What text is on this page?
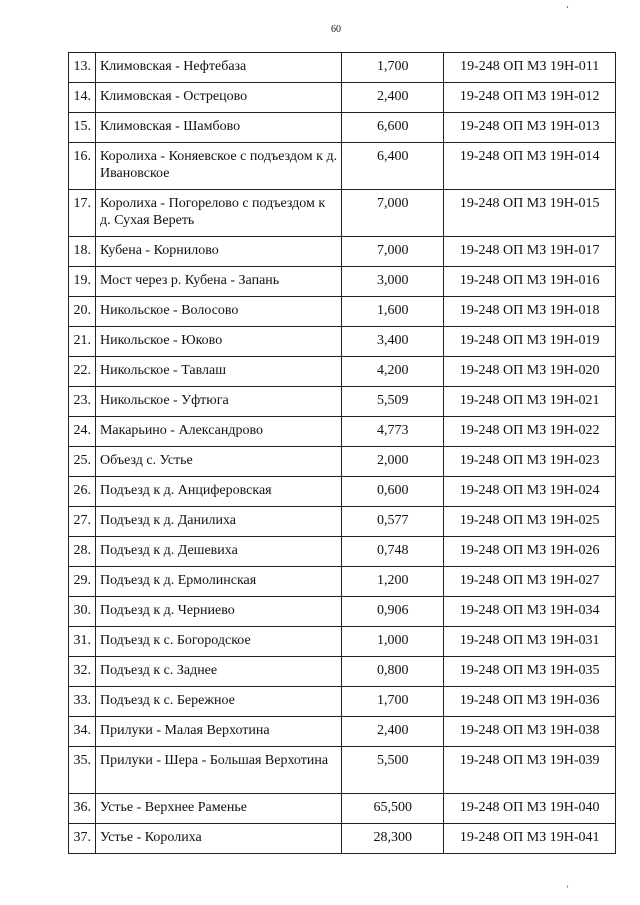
‘
60
13.	Климовская - Нефтебаза	1,700	19-248 ОП МЗ 19Н-011
14.	Климовская - Острецово	2,400	19-248 ОП МЗ 19Н-012
15.	Климовская - Шамбово	6,600	19-248 ОП МЗ 19Н-013
16.	Королиха - Коняевское с подъездом к д. Ивановское	6,400	19-248 ОП МЗ 19Н-014
17.	Королиха - Погорелово с подъездом к д. Сухая Вереть	7,000	19-248 ОП МЗ 19Н-015
18.	Кубена - Корнилово	7,000	19-248 ОП МЗ 19Н-017
19.	Мост через р. Кубена - Запань	3,000	19-248 ОП МЗ 19Н-016
20.	Никольское - Волосово	1,600	19-248 ОП МЗ 19Н-018
21.	Никольское - Юково	3,400	19-248 ОП МЗ 19Н-019
22.	Никольское - Тавлаш	4,200	19-248 ОП МЗ 19Н-020
23.	Никольское - Уфтюга	5,509	19-248 ОП МЗ 19Н-021
24.	Макарьино - Александрово	4,773	19-248 ОП МЗ 19Н-022
25.	Объезд с. Устье	2,000	19-248 ОП МЗ 19Н-023
26.	Подъезд к д. Анциферовская	0,600	19-248 ОП МЗ 19Н-024
27.	Подъезд к д. Данилиха	0,577	19-248 ОП МЗ 19Н-025
28.	Подъезд к д. Дешевиха	0,748	19-248 ОП МЗ 19Н-026
29.	Подъезд к д. Ермолинская	1,200	19-248 ОП МЗ 19Н-027
30.	Подъезд к д. Черниево	0,906	19-248 ОП МЗ 19Н-034
31.	Подъезд к с. Богородское	1,000	19-248 ОП МЗ 19Н-031
32.	Подъезд к с. Заднее	0,800	19-248 ОП МЗ 19Н-035
33.	Подъезд к с. Бережное	1,700	19-248 ОП МЗ 19Н-036
34.	Прилуки - Малая Верхотина	2,400	19-248 ОП МЗ 19Н-038
35.	Прилуки - Шера - Большая Верхотина	5,500	19-248 ОП МЗ 19Н-039
36.	Устье - Верхнее Раменье	65,500	19-248 ОП МЗ 19Н-040
37.	Устье - Королиха	28,300	19-248 ОП МЗ 19Н-041
’
